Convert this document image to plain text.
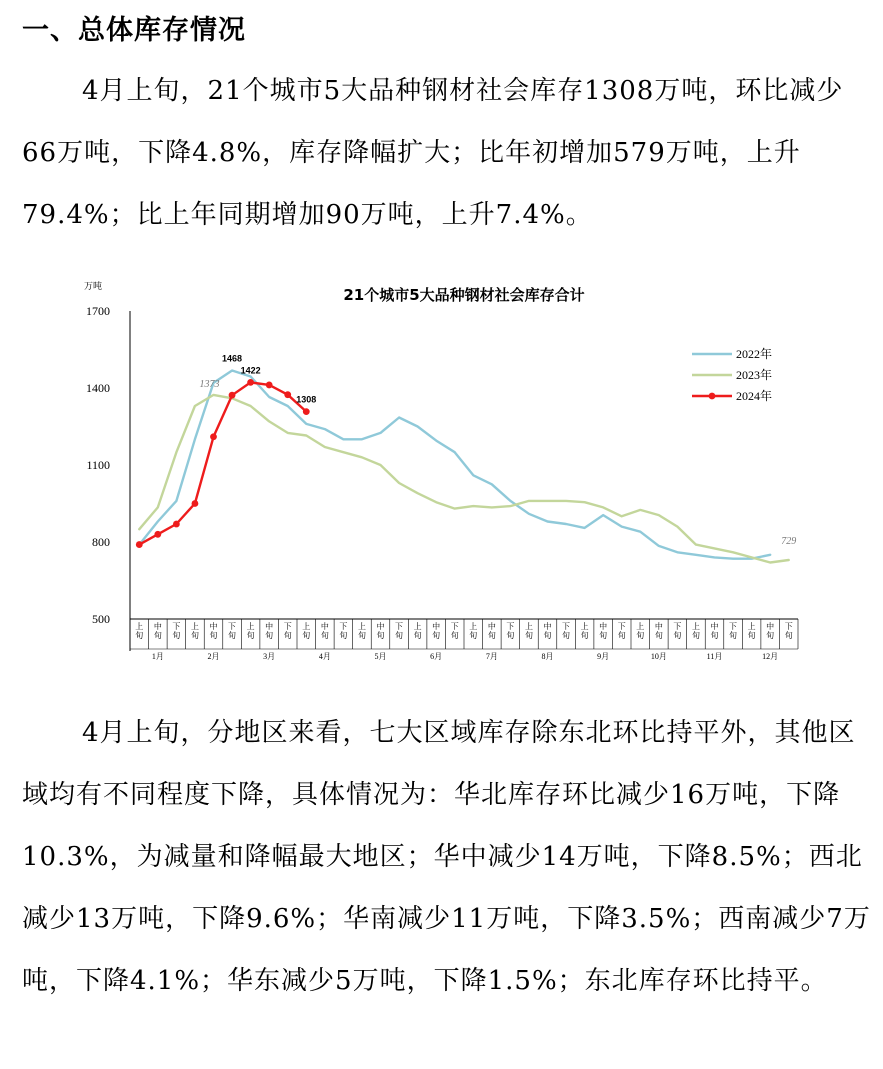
一、总体库存情况
4月上旬，21个城市5大品种钢材社会库存1308万吨，环比减少66万吨，下降4.8%，库存降幅扩大；比年初增加579万吨，上升79.4%；比上年同期增加90万吨，上升7.4%。
21个城市5大品种钢材社会库存合计
万吨
500
800
1100
1400
1700
上
旬
中
旬
下
旬
上
旬
中
旬
下
旬
上
旬
中
旬
下
旬
上
旬
中
旬
下
旬
上
旬
中
旬
下
旬
上
旬
中
旬
下
旬
上
旬
中
旬
下
旬
上
旬
中
旬
下
旬
上
旬
中
旬
下
旬
上
旬
中
旬
下
旬
上
旬
中
旬
下
旬
上
旬
中
旬
下
旬
1月	2月	3月	4月	5月	6月	7月	8月	9月	10月	11月	12月
1468
1373
1422
1308
729
2022年
2023年
2024年
4月上旬，分地区来看，七大区域库存除东北环比持平外，其他区域均有不同程度下降，具体情况为：华北库存环比减少16万吨，下降10.3%，为减量和降幅最大地区；华中减少14万吨，下降8.5%；西北减少13万吨，下降9.6%；华南减少11万吨，下降3.5%；西南减少7万吨，下降4.1%；华东减少5万吨，下降1.5%；东北库存环比持平。
